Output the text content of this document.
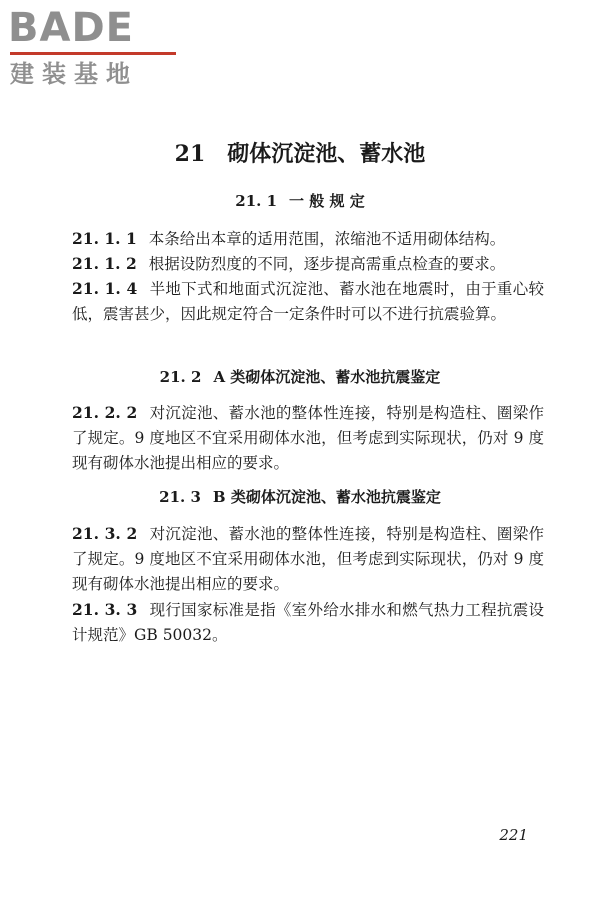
BADE
建装基地
21 砌体沉淀池、蓄水池
21. 1 一 般 规 定

21. 1. 1 本条给出本章的适用范围，浓缩池不适用砌体结构。

21. 1. 2 根据设防烈度的不同，逐步提高需重点检查的要求。

21. 1. 4 半地下式和地面式沉淀池、蓄水池在地震时，由于重心较低，震害甚少，因此规定符合一定条件时可以不进行抗震验算。

21. 2 A 类砌体沉淀池、蓄水池抗震鉴定

21. 2. 2 对沉淀池、蓄水池的整体性连接，特别是构造柱、圈梁作了规定。9 度地区不宜采用砌体水池，但考虑到实际现状，仍对 9 度现有砌体水池提出相应的要求。

21. 3 B 类砌体沉淀池、蓄水池抗震鉴定

21. 3. 2 对沉淀池、蓄水池的整体性连接，特别是构造柱、圈梁作了规定。9 度地区不宜采用砌体水池，但考虑到实际现状，仍对 9 度现有砌体水池提出相应的要求。

21. 3. 3 现行国家标准是指《室外给水排水和燃气热力工程抗震设计规范》GB 50032。

221
